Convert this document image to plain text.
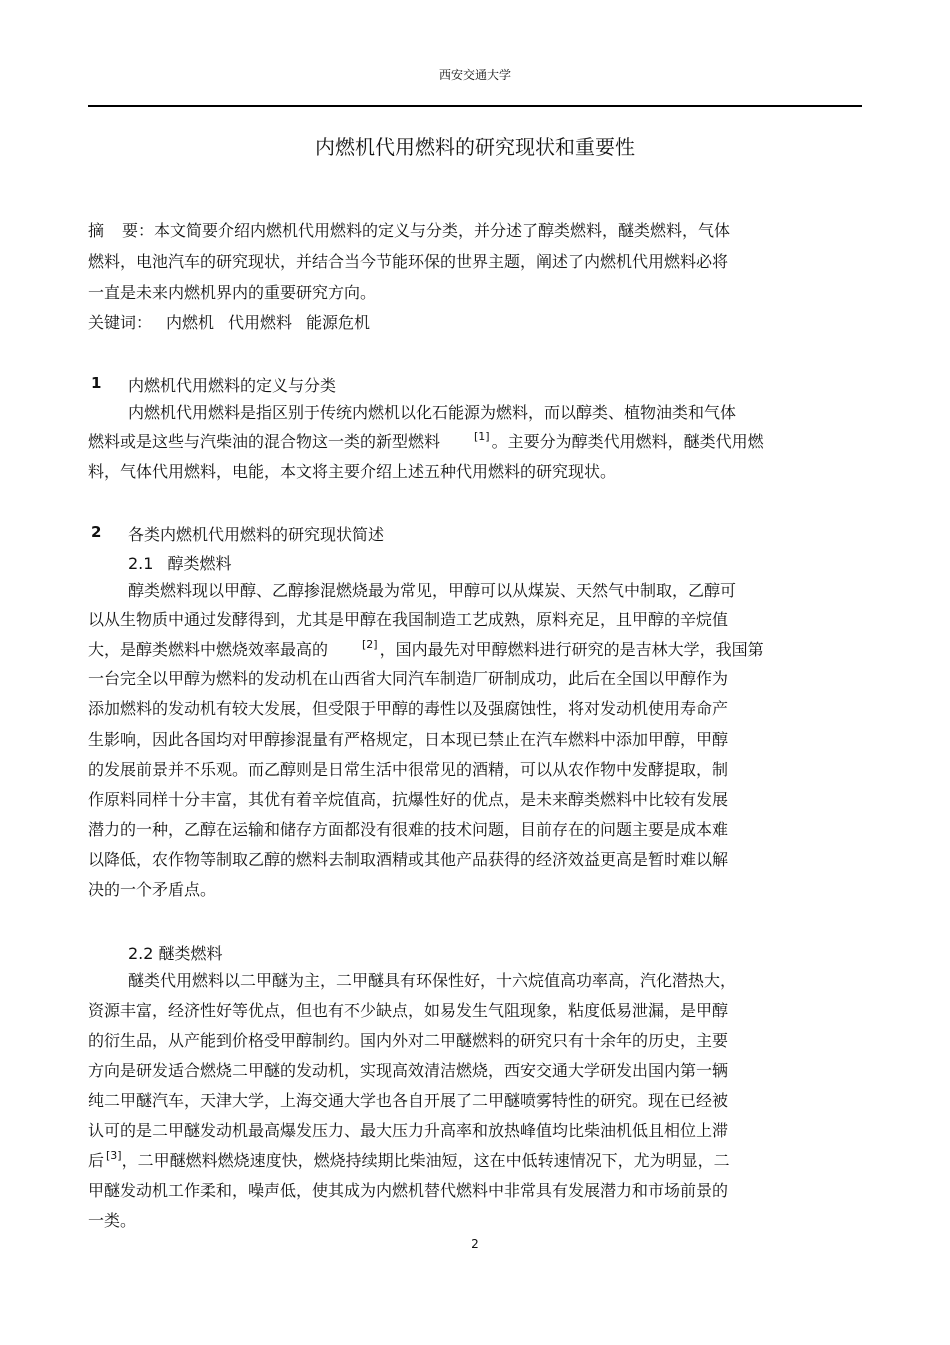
西安交通大学
内燃机代用燃料的研究现状和重要性
摘 要：本文简要介绍内燃机代用燃料的定义与分类，并分述了醇类燃料，醚类燃料，气体
燃料，电池汽车的研究现状，并结合当今节能环保的世界主题，阐述了内燃机代用燃料必将
一直是未来内燃机界内的重要研究方向。
关键词： 内燃机 代用燃料 能源危机
1 内燃机代用燃料的定义与分类
内燃机代用燃料是指区别于传统内燃机以化石能源为燃料，而以醇类、植物油类和气体
燃料或是这些与汽柴油的混合物这一类的新型燃料	[1] 。主要分为醇类代用燃料，醚类代用燃
料，气体代用燃料，电能，本文将主要介绍上述五种代用燃料的研究现状。
2 各类内燃机代用燃料的研究现状简述
2.1 醇类燃料
醇类燃料现以甲醇、乙醇掺混燃烧最为常见，甲醇可以从煤炭、天然气中制取，乙醇可
以从生物质中通过发酵得到，尤其是甲醇在我国制造工艺成熟，原料充足，且甲醇的辛烷值
大，是醇类燃料中燃烧效率最高的	[2] ，国内最先对甲醇燃料进行研究的是吉林大学，我国第
一台完全以甲醇为燃料的发动机在山西省大同汽车制造厂研制成功，此后在全国以甲醇作为
添加燃料的发动机有较大发展，但受限于甲醇的毒性以及强腐蚀性，将对发动机使用寿命产
生影响，因此各国均对甲醇掺混量有严格规定，日本现已禁止在汽车燃料中添加甲醇，甲醇
的发展前景并不乐观。而乙醇则是日常生活中很常见的酒精，可以从农作物中发酵提取，制
作原料同样十分丰富，其优有着辛烷值高，抗爆性好的优点，是未来醇类燃料中比较有发展
潜力的一种，乙醇在运输和储存方面都没有很难的技术问题，目前存在的问题主要是成本难
以降低，农作物等制取乙醇的燃料去制取酒精或其他产品获得的经济效益更高是暂时难以解
决的一个矛盾点。
2.2 醚类燃料
醚类代用燃料以二甲醚为主，二甲醚具有环保性好，十六烷值高功率高，汽化潜热大，
资源丰富，经济性好等优点，但也有不少缺点，如易发生气阻现象，粘度低易泄漏，是甲醇
的衍生品，从产能到价格受甲醇制约。国内外对二甲醚燃料的研究只有十余年的历史，主要
方向是研发适合燃烧二甲醚的发动机，实现高效清洁燃烧，西安交通大学研发出国内第一辆
纯二甲醚汽车，天津大学，上海交通大学也各自开展了二甲醚喷雾特性的研究。现在已经被
认可的是二甲醚发动机最高爆发压力、最大压力升高率和放热峰值均比柴油机低且相位上滞
后 [3]，二甲醚燃料燃烧速度快，燃烧持续期比柴油短，这在中低转速情况下，尤为明显，二
甲醚发动机工作柔和，噪声低，使其成为内燃机替代燃料中非常具有发展潜力和市场前景的
一类。
2
